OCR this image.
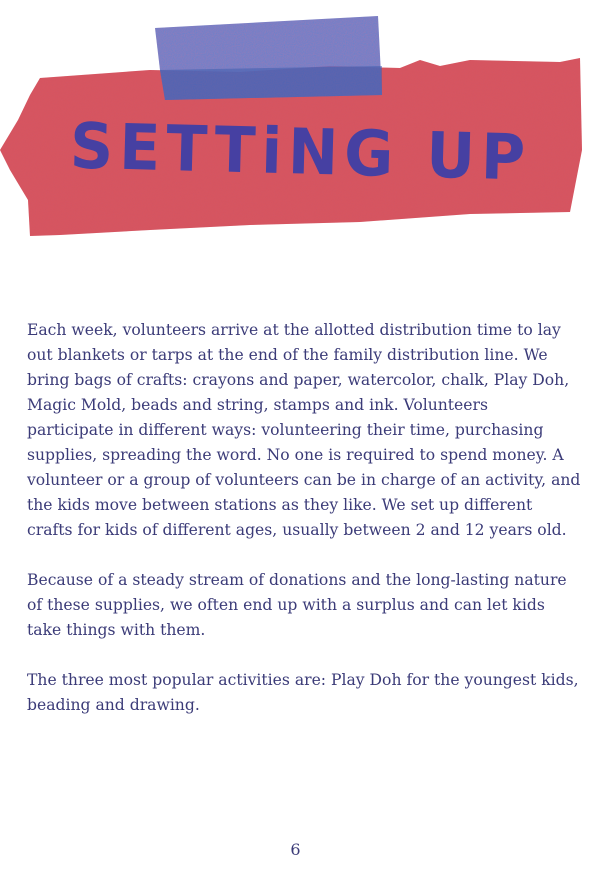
SETTiNG UP

Each week, volunteers arrive at the allotted distribution time to lay
out blankets or tarps at the end of the family distribution line. We
bring bags of crafts: crayons and paper, watercolor, chalk, Play Doh,
Magic Mold, beads and string, stamps and ink. Volunteers
participate in different ways: volunteering their time, purchasing
supplies, spreading the word. No one is required to spend money. A
volunteer or a group of volunteers can be in charge of an activity, and
the kids move between stations as they like. We set up different
crafts for kids of different ages, usually between 2 and 12 years old.

Because of a steady stream of donations and the long-lasting nature
of these supplies, we often end up with a surplus and can let kids
take things with them.

The three most popular activities are: Play Doh for the youngest kids,
beading and drawing.

6
